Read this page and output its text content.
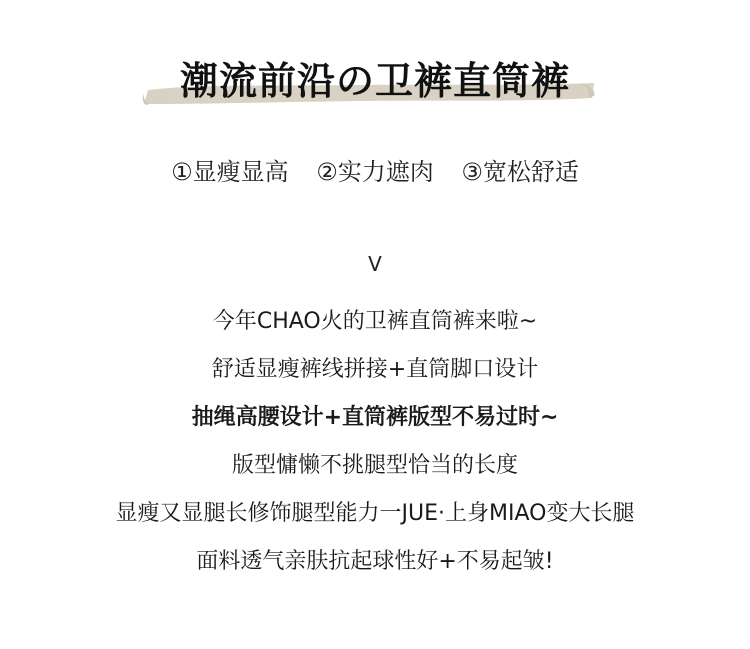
潮流前沿の卫裤直筒裤
①显瘦显高 ②实力遮肉 ③宽松舒适
V
今年CHAO火的卫裤直筒裤来啦~
舒适显瘦裤线拼接+直筒脚口设计
抽绳高腰设计+直筒裤版型不易过时~
版型慵懒不挑腿型恰当的长度
显瘦又显腿长修饰腿型能力一JUE·上身MIAO变大长腿
面料透气亲肤抗起球性好+不易起皱!
